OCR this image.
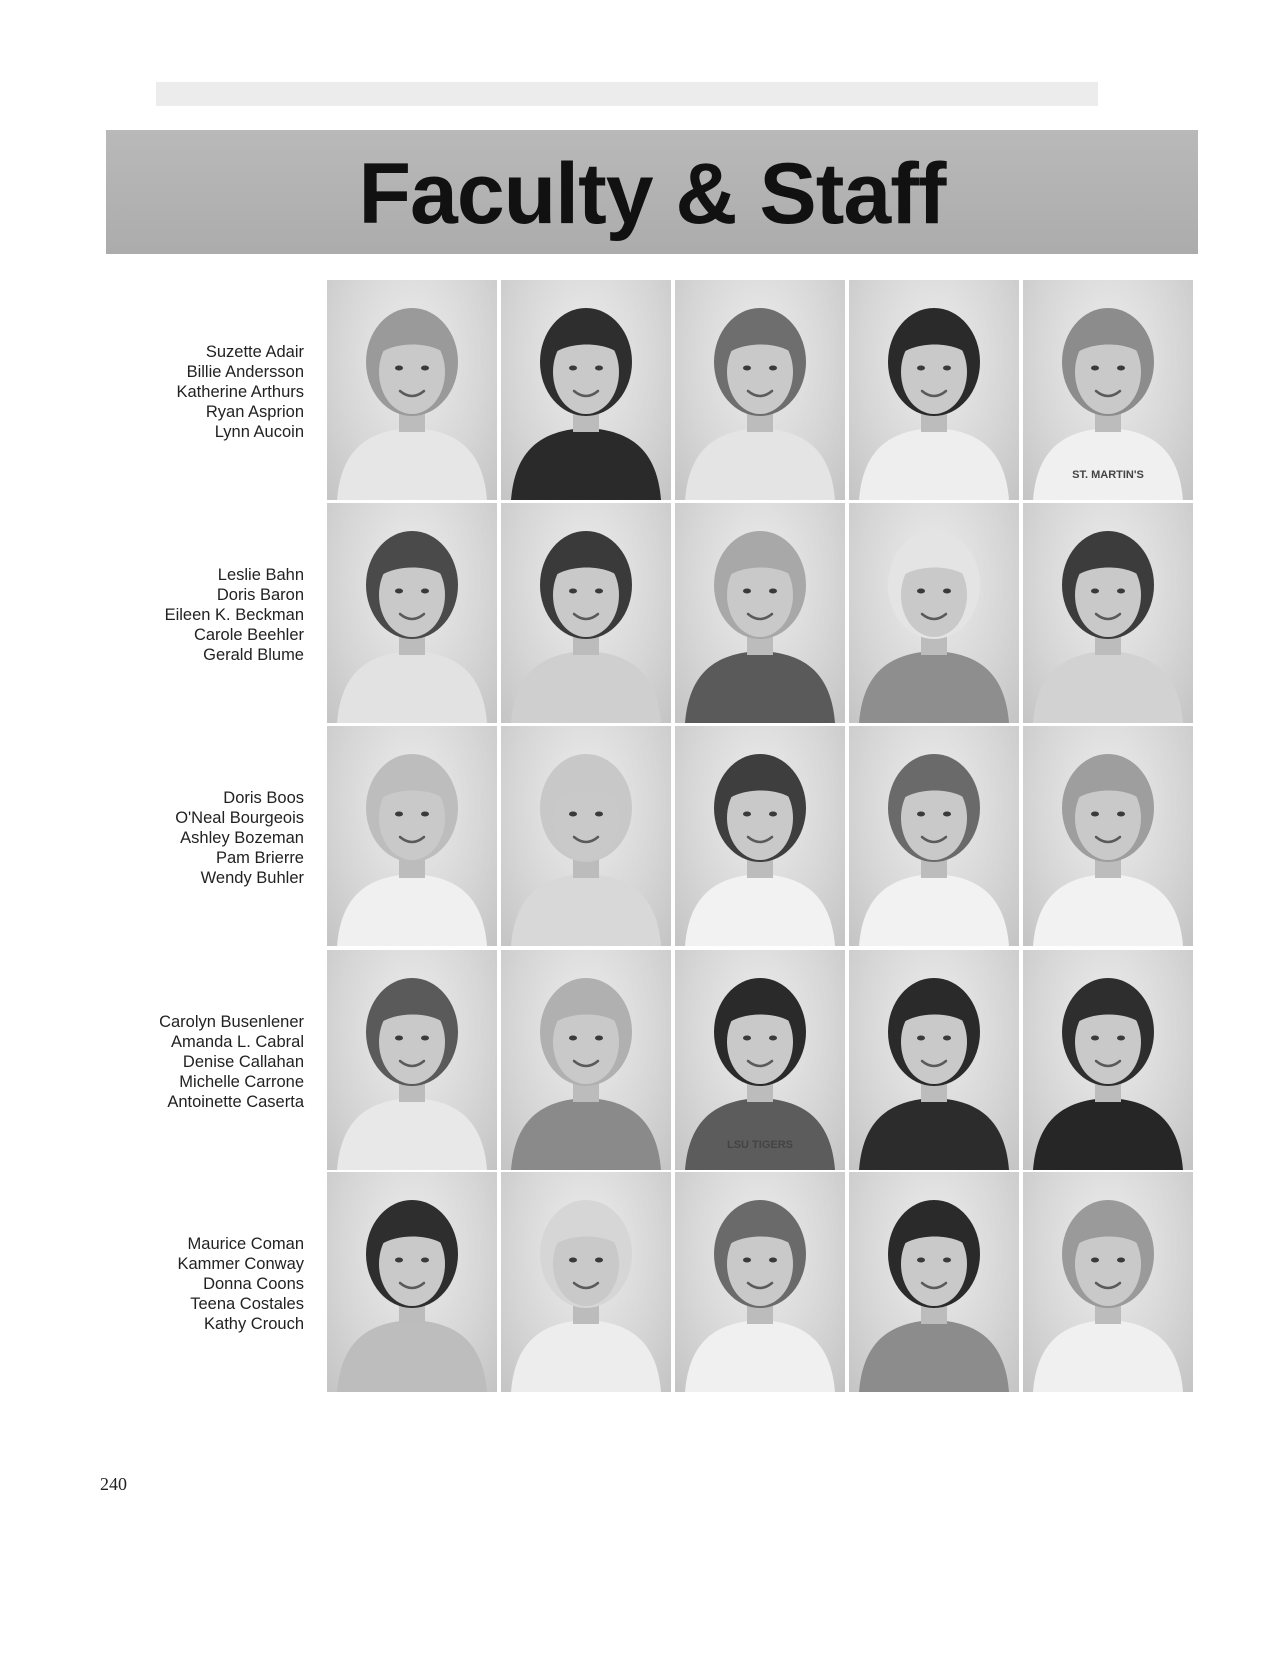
Faculty & Staff
Suzette Adair
Billie Andersson
Katherine Arthurs
Ryan Asprion
Lynn Aucoin
ST. MARTIN'S
Leslie Bahn
Doris Baron
Eileen K. Beckman
Carole Beehler
Gerald Blume
Doris Boos
O'Neal Bourgeois
Ashley Bozeman
Pam Brierre
Wendy Buhler
Carolyn Busenlener
Amanda L. Cabral
Denise Callahan
Michelle Carrone
Antoinette Caserta
LSU TIGERS
Maurice Coman
Kammer Conway
Donna Coons
Teena Costales
Kathy Crouch
240
